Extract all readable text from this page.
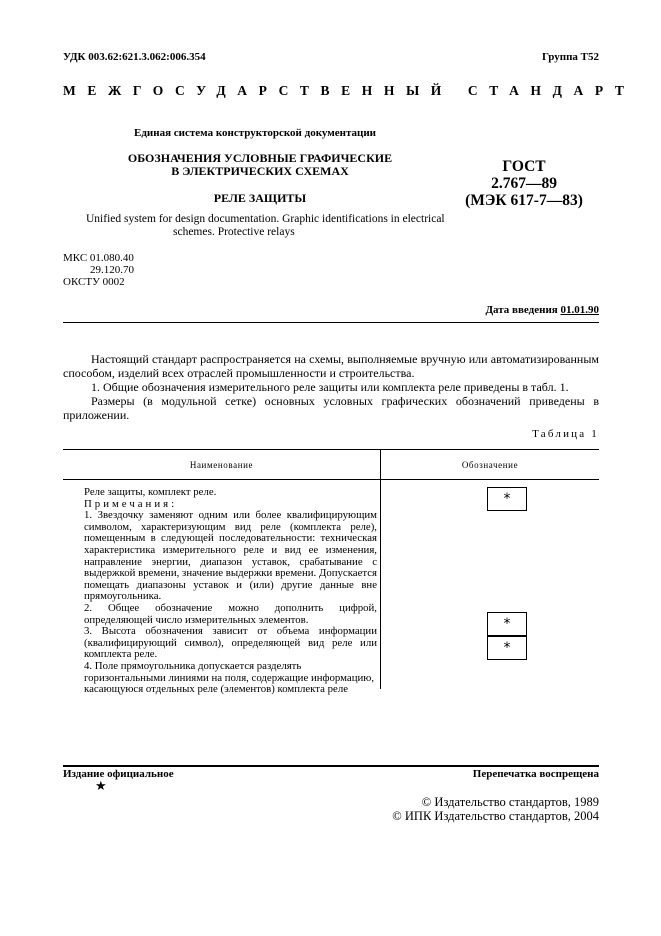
УДК 003.62:621.3.062:006.354	Группа Т52
МЕЖГОСУДАРСТВЕННЫЙ СТАНДАРТ
Единая система конструкторской документации
ОБОЗНАЧЕНИЯ УСЛОВНЫЕ ГРАФИЧЕСКИЕ
В ЭЛЕКТРИЧЕСКИХ СХЕМАХ
РЕЛЕ ЗАЩИТЫ
ГОСТ
2.767—89
(МЭК 617-7—83)
Unified system for design documentation. Graphic identifications in electrical
schemes. Protective relays
МКС 01.080.40
29.120.70
ОКСТУ 0002
Дата введения 01.01.90

Настоящий стандарт распространяется на схемы, выполняемые вручную или автоматизированным способом, изделий всех отраслей промышленности и строительства.

1. Общие обозначения измерительного реле защиты или комплекта реле приведены в табл. 1.

Размеры (в модульной сетке) основных условных графических обозначений приведены в приложении.

Таблица 1
Наименование	Обозначение

Реле защиты, комплект реле.

Примечания:

1. Звездочку заменяют одним или более квалифицирующим символом, характеризующим вид реле (комплекта реле), помещенным в следующей последовательности: техническая характеристика измерительного реле и вид ее изменения, направление энергии, диапазон уставок, срабатывание с выдержкой времени, значение выдержки времени. Допускается помещать диапазоны уставок и (или) другие данные вне прямоугольника.

2. Общее обозначение можно дополнить цифрой, определяющей число измерительных элементов.

3. Высота обозначения зависит от объема информации (квалифицирующий символ), определяющей вид реле или комплекта реле.

4. Поле прямоугольника допускается разделять горизонтальными линиями на поля, содержащие информацию, касающуюся отдельных реле (элементов) комплекта реле

*
*
*
Издание официальное
★
Перепечатка воспрещена
© Издательство стандартов, 1989
© ИПК Издательство стандартов, 2004
